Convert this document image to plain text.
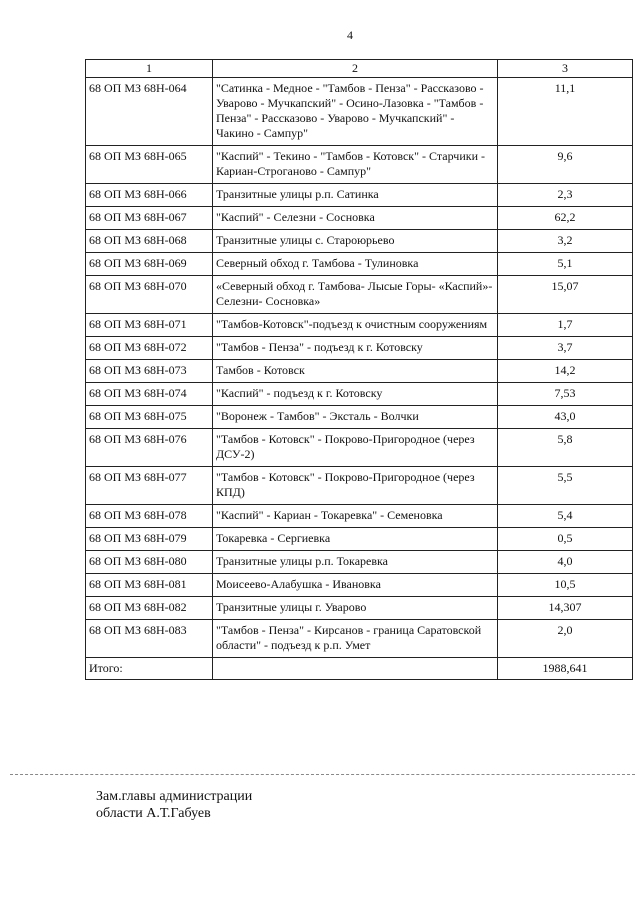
4
1	2	3
68 ОП МЗ 68Н-064	"Сатинка - Медное - "Тамбов - Пенза" - Рассказово - Уварово - Мучкапский" - Осино-Лазовка - "Тамбов - Пенза" - Рассказово - Уварово - Мучкапский" - Чакино - Сампур"	11,1
68 ОП МЗ 68Н-065	"Каспий" - Текино - "Тамбов - Котовск" - Старчики - Кариан-Строганово - Сампур"	9,6
68 ОП МЗ 68Н-066	Транзитные улицы р.п. Сатинка	2,3
68 ОП МЗ 68Н-067	"Каспий" - Селезни - Сосновка	62,2
68 ОП МЗ 68Н-068	Транзитные улицы с. Староюрьево	3,2
68 ОП МЗ 68Н-069	Северный обход г. Тамбова - Тулиновка	5,1
68 ОП МЗ 68Н-070	«Северный обход г. Тамбова- Лысые Горы- «Каспий»-Селезни- Сосновка»	15,07
68 ОП МЗ 68Н-071	"Тамбов-Котовск"-подъезд к очистным сооружениям	1,7
68 ОП МЗ 68Н-072	"Тамбов - Пенза" - подъезд к г. Котовску	3,7
68 ОП МЗ 68Н-073	Тамбов - Котовск	14,2
68 ОП МЗ 68Н-074	"Каспий" - подъезд к г. Котовску	7,53
68 ОП МЗ 68Н-075	"Воронеж - Тамбов" - Эксталь - Волчки	43,0
68 ОП МЗ 68Н-076	"Тамбов - Котовск" - Покрово-Пригородное (через ДСУ-2)	5,8
68 ОП МЗ 68Н-077	"Тамбов - Котовск" - Покрово-Пригородное (через КПД)	5,5
68 ОП МЗ 68Н-078	"Каспий" - Кариан - Токаревка" - Семеновка	5,4
68 ОП МЗ 68Н-079	Токаревка - Сергиевка	0,5
68 ОП МЗ 68Н-080	Транзитные улицы р.п. Токаревка	4,0
68 ОП МЗ 68Н-081	Моисеево-Алабушка - Ивановка	10,5
68 ОП МЗ 68Н-082	Транзитные улицы г. Уварово	14,307
68 ОП МЗ 68Н-083	"Тамбов - Пенза" - Кирсанов - граница Саратовской области" - подъезд к р.п. Умет	2,0
Итого:		1988,641
Зам.главы администрации
области А.Т.Габуев
